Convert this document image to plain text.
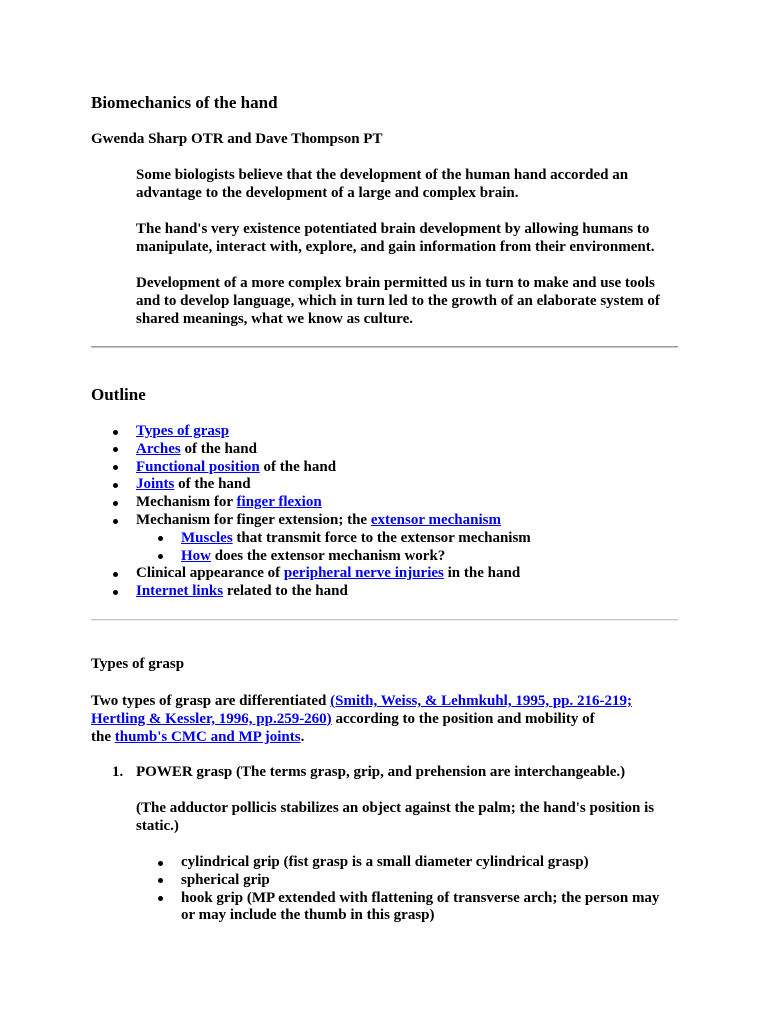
Biomechanics of the hand
Gwenda Sharp OTR and Dave Thompson PT

Some biologists believe that the development of the human hand accorded an advantage to the development of a large and complex brain.

The hand's very existence potentiated brain development by allowing humans to manipulate, interact with, explore, and gain information from their environment.

Development of a more complex brain permitted us in turn to make and use tools and to develop language, which in turn led to the growth of an elaborate system of shared meanings, what we know as culture.

Outline
Types of grasp
Arches of the hand
Functional position of the hand
Joints of the hand
Mechanism for finger flexion
Mechanism for finger extension; the extensor mechanism
Muscles that transmit force to the extensor mechanism
How does the extensor mechanism work?
Clinical appearance of peripheral nerve injuries in the hand
Internet links related to the hand
Types of grasp

Two types of grasp are differentiated (Smith, Weiss, & Lehmkuhl, 1995, pp. 216-219; Hertling & Kessler, 1996, pp.259-260) according to the position and mobility of
the thumb's CMC and MP joints.

1. POWER grasp (The terms grasp, grip, and prehension are interchangeable.)

(The adductor pollicis stabilizes an object against the palm; the hand's position is static.)

cylindrical grip (fist grasp is a small diameter cylindrical grasp)
spherical grip
hook grip (MP extended with flattening of transverse arch; the person may or may include the thumb in this grasp)
